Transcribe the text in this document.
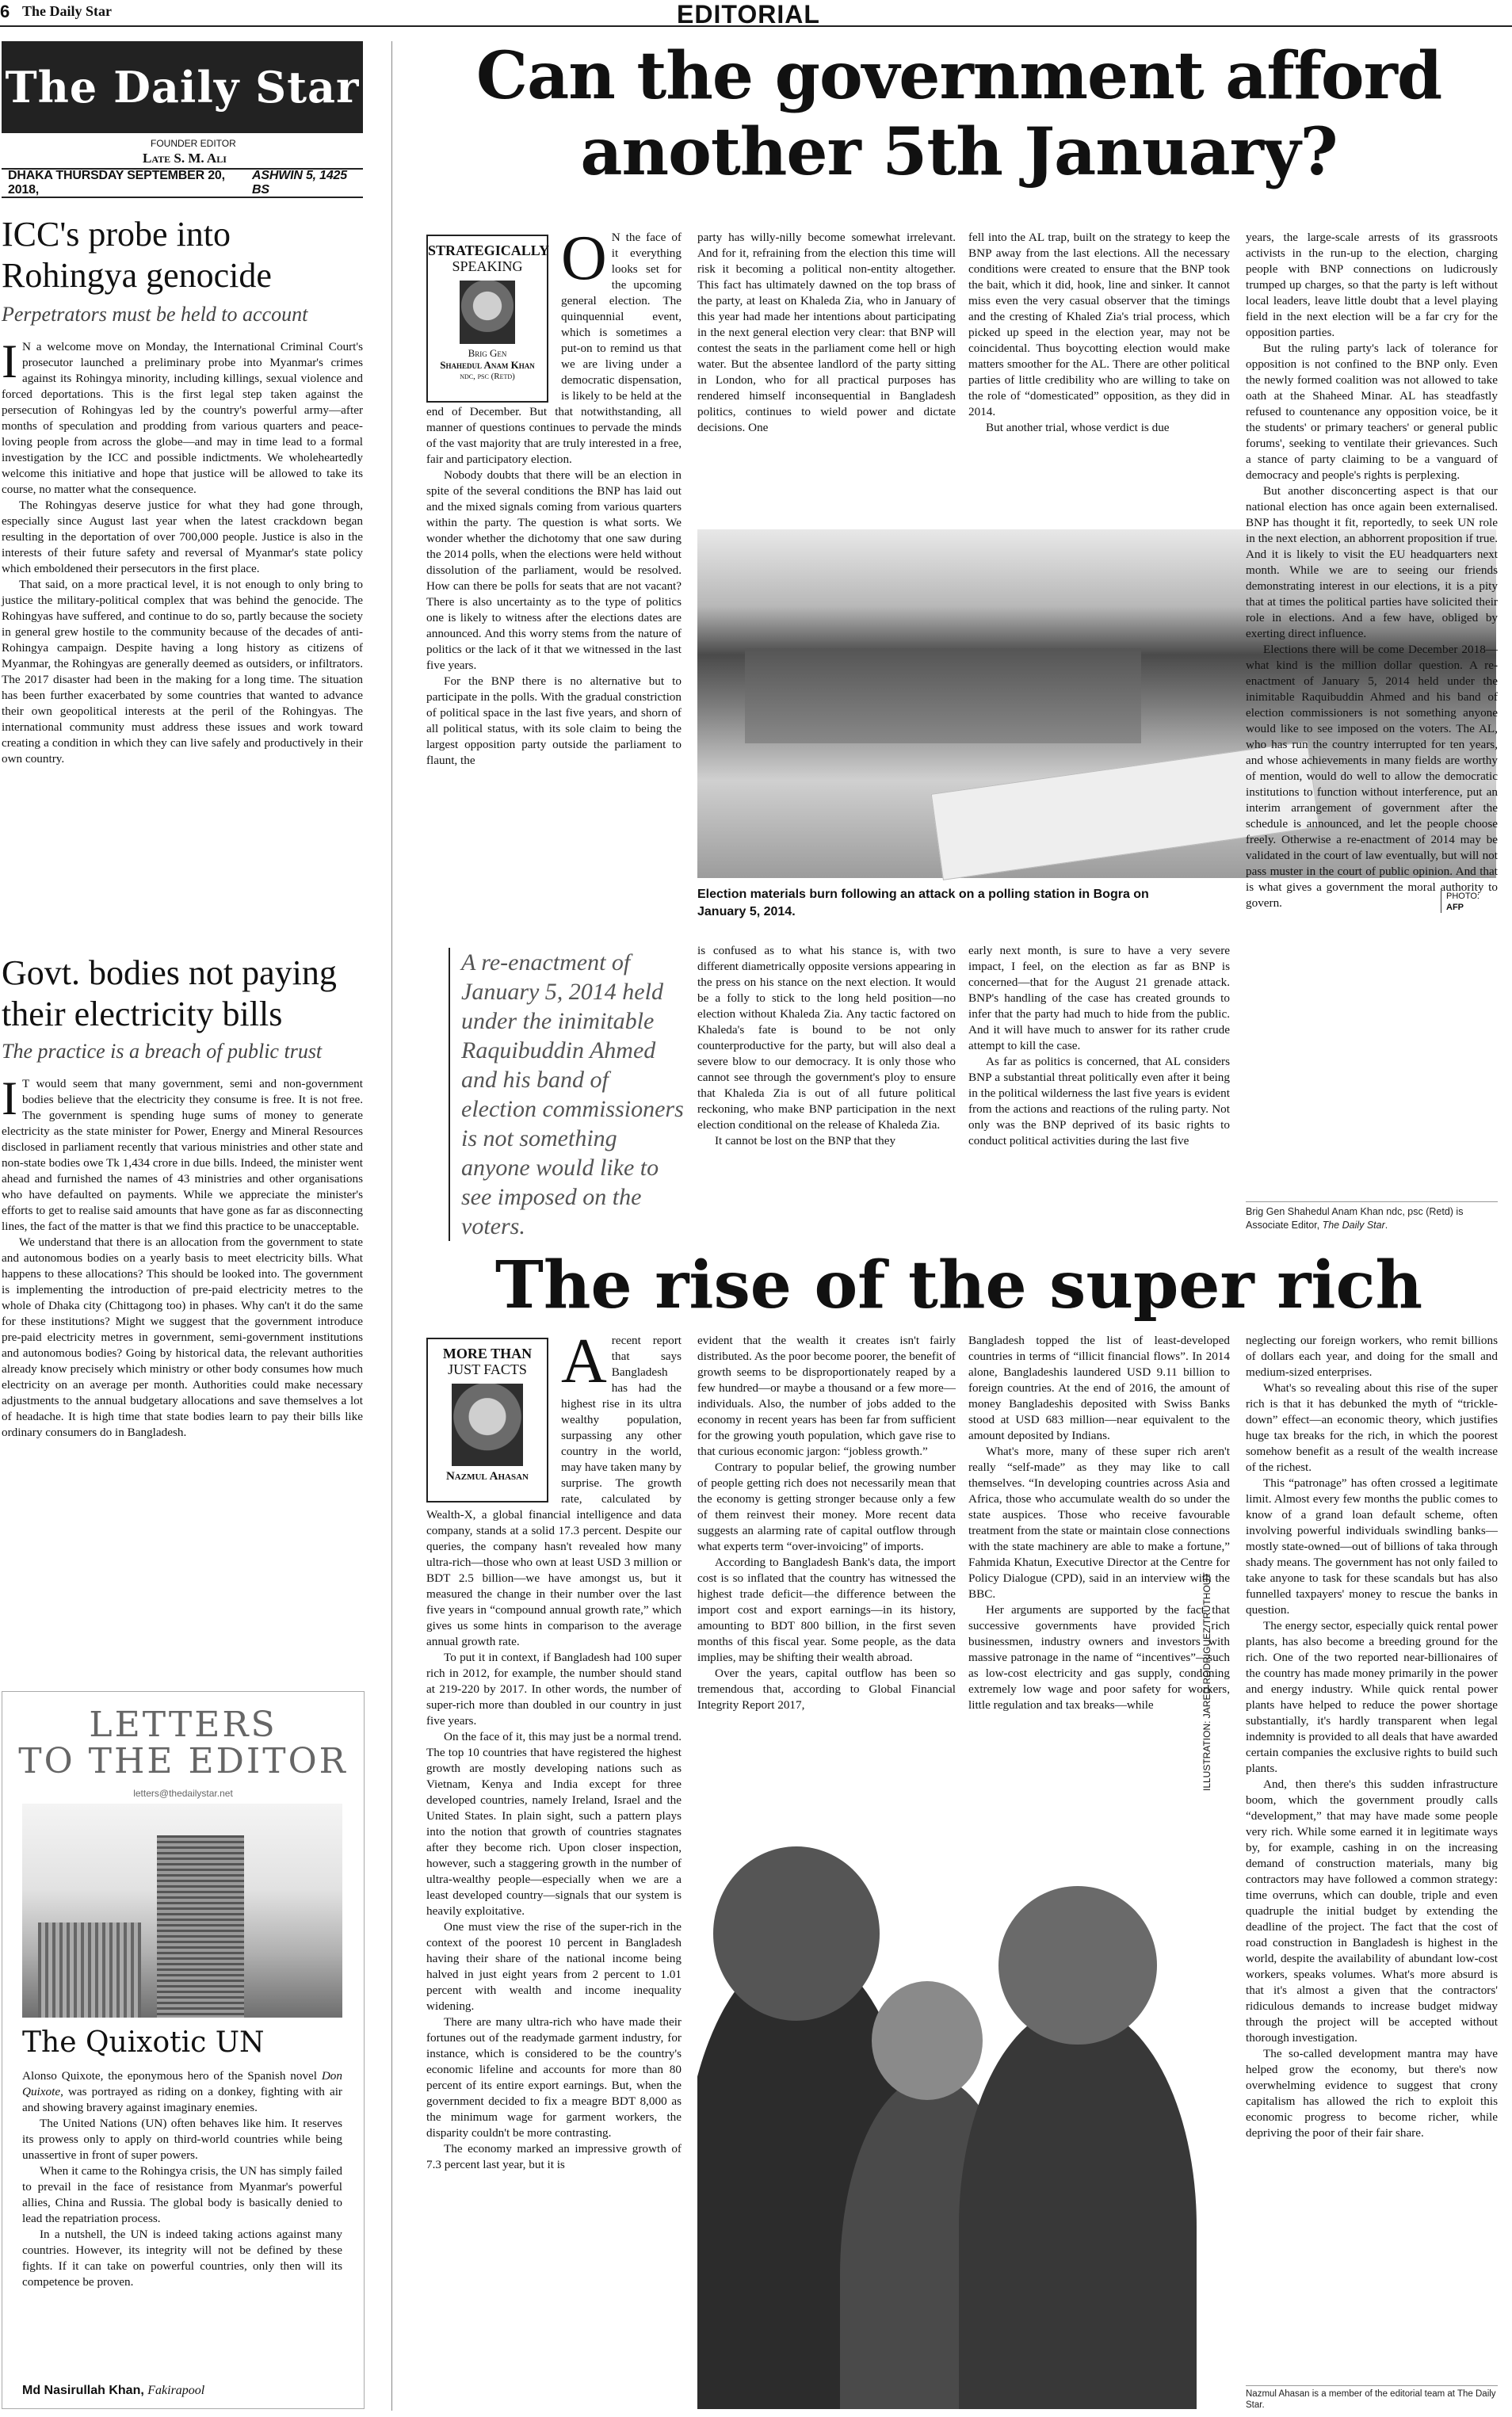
6 The Daily Star	EDITORIAL
The Daily Star
FOUNDER EDITOR
Late S. M. Ali
DHAKA THURSDAY SEPTEMBER 20, 2018,
ASHWIN 5, 1425 BS
ICC's probe into Rohingya genocide
Perpetrators must be held to account

I N a welcome move on Monday, the International Criminal Court's prosecutor launched a preliminary probe into Myanmar's crimes against its Rohingya minority, including killings, sexual violence and forced deportations. This is the first legal step taken against the persecution of Rohingyas led by the country's powerful army—after months of speculation and prodding from various quarters and peace-loving people from across the globe—and may in time lead to a formal investigation by the ICC and possible indictments. We wholeheartedly welcome this initiative and hope that justice will be allowed to take its course, no matter what the consequence.

The Rohingyas deserve justice for what they had gone through, especially since August last year when the latest crackdown began resulting in the deportation of over 700,000 people. Justice is also in the interests of their future safety and reversal of Myanmar's state policy which emboldened their persecutors in the first place.

That said, on a more practical level, it is not enough to only bring to justice the military-political complex that was behind the genocide. The Rohingyas have suffered, and continue to do so, partly because the society in general grew hostile to the community because of the decades of anti-Rohingya campaign. Despite having a long history as citizens of Myanmar, the Rohingyas are generally deemed as outsiders, or infiltrators. The 2017 disaster had been in the making for a long time. The situation has been further exacerbated by some countries that wanted to advance their own geopolitical interests at the peril of the Rohingyas. The international community must address these issues and work toward creating a condition in which they can live safely and productively in their own country.

Govt. bodies not paying their electricity bills
The practice is a breach of public trust

I T would seem that many government, semi and non-government bodies believe that the electricity they consume is free. It is not free. The government is spending huge sums of money to generate electricity as the state minister for Power, Energy and Mineral Resources disclosed in parliament recently that various ministries and other state and non-state bodies owe Tk 1,434 crore in due bills. Indeed, the minister went ahead and furnished the names of 43 ministries and other organisations who have defaulted on payments. While we appreciate the minister's efforts to get to realise said amounts that have gone as far as disconnecting lines, the fact of the matter is that we find this practice to be unacceptable.

We understand that there is an allocation from the government to state and autonomous bodies on a yearly basis to meet electricity bills. What happens to these allocations? This should be looked into. The government is implementing the introduction of pre-paid electricity metres to the whole of Dhaka city (Chittagong too) in phases. Why can't it do the same for these institutions? Might we suggest that the government introduce pre-paid electricity metres in government, semi-government institutions and autonomous bodies? Going by historical data, the relevant authorities already know precisely which ministry or other body consumes how much electricity on an average per month. Authorities could make necessary adjustments to the annual budgetary allocations and save themselves a lot of headache. It is high time that state bodies learn to pay their bills like ordinary consumers do in Bangladesh.

LETTERS
TO THE EDITOR
letters@thedailystar.net
The Quixotic UN

Alonso Quixote, the eponymous hero of the Spanish novel Don Quixote, was portrayed as riding on a donkey, fighting with air and showing bravery against imaginary enemies.

The United Nations (UN) often behaves like him. It reserves its prowess only to apply on third-world countries while being unassertive in front of super powers.

When it came to the Rohingya crisis, the UN has simply failed to prevail in the face of resistance from Myanmar's powerful allies, China and Russia. The global body is basically denied to lead the repatriation process.

In a nutshell, the UN is indeed taking actions against many countries. However, its integrity will not be defined by these fights. If it can take on powerful countries, only then will its competence be proven.

Md Nasirullah Khan, Fakirapool
Can the government afford another 5th January?
STRATEGICALLY
SPEAKING
Brig Gen
Shahedul Anam Khan
ndc, psc (Retd)

O N the face of it everything looks set for the upcoming general election. The quinquennial event, which is sometimes a put-on to remind us that we are living under a democratic dispensation, is likely to be held at the end of December. But that notwithstanding, all manner of questions continues to pervade the minds of the vast majority that are truly interested in a free, fair and participatory election.

Nobody doubts that there will be an election in spite of the several conditions the BNP has laid out and the mixed signals coming from various quarters within the party. The question is what sorts. We wonder whether the dichotomy that one saw during the 2014 polls, when the elections were held without dissolution of the parliament, would be resolved. How can there be polls for seats that are not vacant? There is also uncertainty as to the type of politics one is likely to witness after the elections dates are announced. And this worry stems from the nature of politics or the lack of it that we witnessed in the last five years.

For the BNP there is no alternative but to participate in the polls. With the gradual constriction of political space in the last five years, and shorn of all political status, with its sole claim to being the largest opposition party outside the parliament to flaunt, the

A re-enactment of January 5, 2014 held under the inimitable Raquibuddin Ahmed and his band of election commissioners is not something anyone would like to see imposed on the voters.

party has willy-nilly become somewhat irrelevant. And for it, refraining from the election this time will risk it becoming a political non-entity altogether. This fact has ultimately dawned on the top brass of the party, at least on Khaleda Zia, who in January of this year had made her intentions about participating in the next general election very clear: that BNP will contest the seats in the parliament come hell or high water. But the absentee landlord of the party sitting in London, who for all practical purposes has rendered himself inconsequential in Bangladesh politics, continues to wield power and dictate decisions. One

fell into the AL trap, built on the strategy to keep the BNP away from the last elections. All the necessary conditions were created to ensure that the BNP took the bait, which it did, hook, line and sinker. It cannot miss even the very casual observer that the timings and the cresting of Khaled Zia's trial process, which picked up speed in the election year, may not be coincidental. Thus boycotting election would make matters smoother for the AL. There are other political parties of little credibility who are willing to take on the role of “domesticated” opposition, as they did in 2014.

But another trial, whose verdict is due

Election materials burn following an attack on a polling station in Bogra on January 5, 2014.
PHOTO:
AFP

is confused as to what his stance is, with two different diametrically opposite versions appearing in the press on his stance on the next election. It would be a folly to stick to the long held position—no election without Khaleda Zia. Any tactic factored on Khaleda's fate is bound to be not only counterproductive for the party, but will also deal a severe blow to our democracy. It is only those who cannot see through the government's ploy to ensure that Khaleda Zia is out of all future political reckoning, who make BNP participation in the next election conditional on the release of Khaleda Zia.

It cannot be lost on the BNP that they

early next month, is sure to have a very severe impact, I feel, on the election as far as BNP is concerned—that for the August 21 grenade attack. BNP's handling of the case has created grounds to infer that the party had much to hide from the public. And it will have much to answer for its rather crude attempt to kill the case.

As far as politics is concerned, that AL considers BNP a substantial threat politically even after it being in the political wilderness the last five years is evident from the actions and reactions of the ruling party. Not only was the BNP deprived of its basic rights to conduct political activities during the last five

years, the large-scale arrests of its grassroots activists in the run-up to the election, charging people with BNP connections on ludicrously trumped up charges, so that the party is left without local leaders, leave little doubt that a level playing field in the next election will be a far cry for the opposition parties.

But the ruling party's lack of tolerance for opposition is not confined to the BNP only. Even the newly formed coalition was not allowed to take oath at the Shaheed Minar. AL has steadfastly refused to countenance any opposition voice, be it the students' or primary teachers' or general public forums', seeking to ventilate their grievances. Such a stance of party claiming to be a vanguard of democracy and people's rights is perplexing.

But another disconcerting aspect is that our national election has once again been externalised. BNP has thought it fit, reportedly, to seek UN role in the next election, an abhorrent proposition if true. And it is likely to visit the EU headquarters next month. While we are to seeing our friends demonstrating interest in our elections, it is a pity that at times the political parties have solicited their role in elections. And a few have, obliged by exerting direct influence.

Elections there will be come December 2018—what kind is the million dollar question. A re-enactment of January 5, 2014 held under the inimitable Raquibuddin Ahmed and his band of election commissioners is not something anyone would like to see imposed on the voters. The AL, who has run the country interrupted for ten years, and whose achievements in many fields are worthy of mention, would do well to allow the democratic institutions to function without interference, put an interim arrangement of government after the schedule is announced, and let the people choose freely. Otherwise a re-enactment of 2014 may be validated in the court of law eventually, but will not pass muster in the court of public opinion. And that is what gives a government the moral authority to govern.

Brig Gen Shahedul Anam Khan ndc, psc (Retd) is Associate Editor, The Daily Star.
The rise of the super rich
MORE THAN
JUST FACTS
Nazmul Ahasan

Arecent report that says Bangladesh has had the highest rise in its ultra wealthy population, surpassing any other country in the world, may have taken many by surprise. The growth rate, calculated by Wealth-X, a global financial intelligence and data company, stands at a solid 17.3 percent. Despite our queries, the company hasn't revealed how many ultra-rich—those who own at least USD 3 million or BDT 2.5 billion—we have amongst us, but it measured the change in their number over the last five years in “compound annual growth rate,” which gives us some hints in comparison to the average annual growth rate.

To put it in context, if Bangladesh had 100 super rich in 2012, for example, the number should stand at 219-220 by 2017. In other words, the number of super-rich more than doubled in our country in just five years.

On the face of it, this may just be a normal trend. The top 10 countries that have registered the highest growth are mostly developing nations such as Vietnam, Kenya and India except for three developed countries, namely Ireland, Israel and the United States. In plain sight, such a pattern plays into the notion that growth of countries stagnates after they become rich. Upon closer inspection, however, such a staggering growth in the number of ultra-wealthy people—especially when we are a least developed country—signals that our system is heavily exploitative.

One must view the rise of the super-rich in the context of the poorest 10 percent in Bangladesh having their share of the national income being halved in just eight years from 2 percent to 1.01 percent with wealth and income inequality widening.

There are many ultra-rich who have made their fortunes out of the readymade garment industry, for instance, which is considered to be the country's economic lifeline and accounts for more than 80 percent of its entire export earnings. But, when the government decided to fix a meagre BDT 8,000 as the minimum wage for garment workers, the disparity couldn't be more contrasting.

The economy marked an impressive growth of 7.3 percent last year, but it is

evident that the wealth it creates isn't fairly distributed. As the poor become poorer, the benefit of growth seems to be disproportionately reaped by a few hundred—or maybe a thousand or a few more—individuals. Also, the number of jobs added to the economy in recent years has been far from sufficient for the growing youth population, which gave rise to that curious economic jargon: “jobless growth.”

Contrary to popular belief, the growing number of people getting rich does not necessarily mean that the economy is getting stronger because only a few of them reinvest their money. More recent data suggests an alarming rate of capital outflow through what experts term “over-invoicing” of imports.

According to Bangladesh Bank's data, the import cost is so inflated that the country has witnessed the highest trade deficit—the difference between the import cost and export earnings—in its history, amounting to BDT 800 billion, in the first seven months of this fiscal year. Some people, as the data implies, may be shifting their wealth abroad.

Over the years, capital outflow has been so tremendous that, according to Global Financial Integrity Report 2017,

Bangladesh topped the list of least-developed countries in terms of “illicit financial flows”. In 2014 alone, Bangladeshis laundered USD 9.11 billion to foreign countries. At the end of 2016, the amount of money Bangladeshis deposited with Swiss Banks stood at USD 683 million—near equivalent to the amount deposited by Indians.

What's more, many of these super rich aren't really “self-made” as they may like to call themselves. “In developing countries across Asia and Africa, those who accumulate wealth do so under the state auspices. Those who receive favourable treatment from the state or maintain close connections with the state machinery are able to make a fortune,” Fahmida Khatun, Executive Director at the Centre for Policy Dialogue (CPD), said in an interview with the BBC.

Her arguments are supported by the fact that successive governments have provided rich businessmen, industry owners and investors with massive patronage in the name of “incentives”—such as low-cost electricity and gas supply, condoning extremely low wage and poor safety for workers, little regulation and tax breaks—while	ILLUSTRATION: JARED RODRIGUEZ/TRUTHOUT

neglecting our foreign workers, who remit billions of dollars each year, and doing for the small and medium-sized enterprises.

What's so revealing about this rise of the super rich is that it has debunked the myth of “trickle-down” effect—an economic theory, which justifies huge tax breaks for the rich, in which the poorest somehow benefit as a result of the wealth increase of the richest.

This “patronage” has often crossed a legitimate limit. Almost every few months the public comes to know of a grand loan default scheme, often involving powerful individuals swindling banks—mostly state-owned—out of billions of taka through shady means. The government has not only failed to take anyone to task for these scandals but has also funnelled taxpayers' money to rescue the banks in question.

The energy sector, especially quick rental power plants, has also become a breeding ground for the rich. One of the two reported near-billionaires of the country has made money primarily in the power and energy industry. While quick rental power plants have helped to reduce the power shortage substantially, it's hardly transparent when legal indemnity is provided to all deals that have awarded certain companies the exclusive rights to build such plants.

And, then there's this sudden infrastructure boom, which the government proudly calls “development,” that may have made some people very rich. While some earned it in legitimate ways by, for example, cashing in on the increasing demand of construction materials, many big contractors may have followed a common strategy: time overruns, which can double, triple and even quadruple the initial budget by extending the deadline of the project. The fact that the cost of road construction in Bangladesh is highest in the world, despite the availability of abundant low-cost workers, speaks volumes. What's more absurd is that it's almost a given that the contractors' ridiculous demands to increase budget midway through the project will be accepted without thorough investigation.

The so-called development mantra may have helped grow the economy, but there's now overwhelming evidence to suggest that crony capitalism has allowed the rich to exploit this economic progress to become richer, while depriving the poor of their fair share.

Nazmul Ahasan is a member of the editorial team at The Daily Star.
